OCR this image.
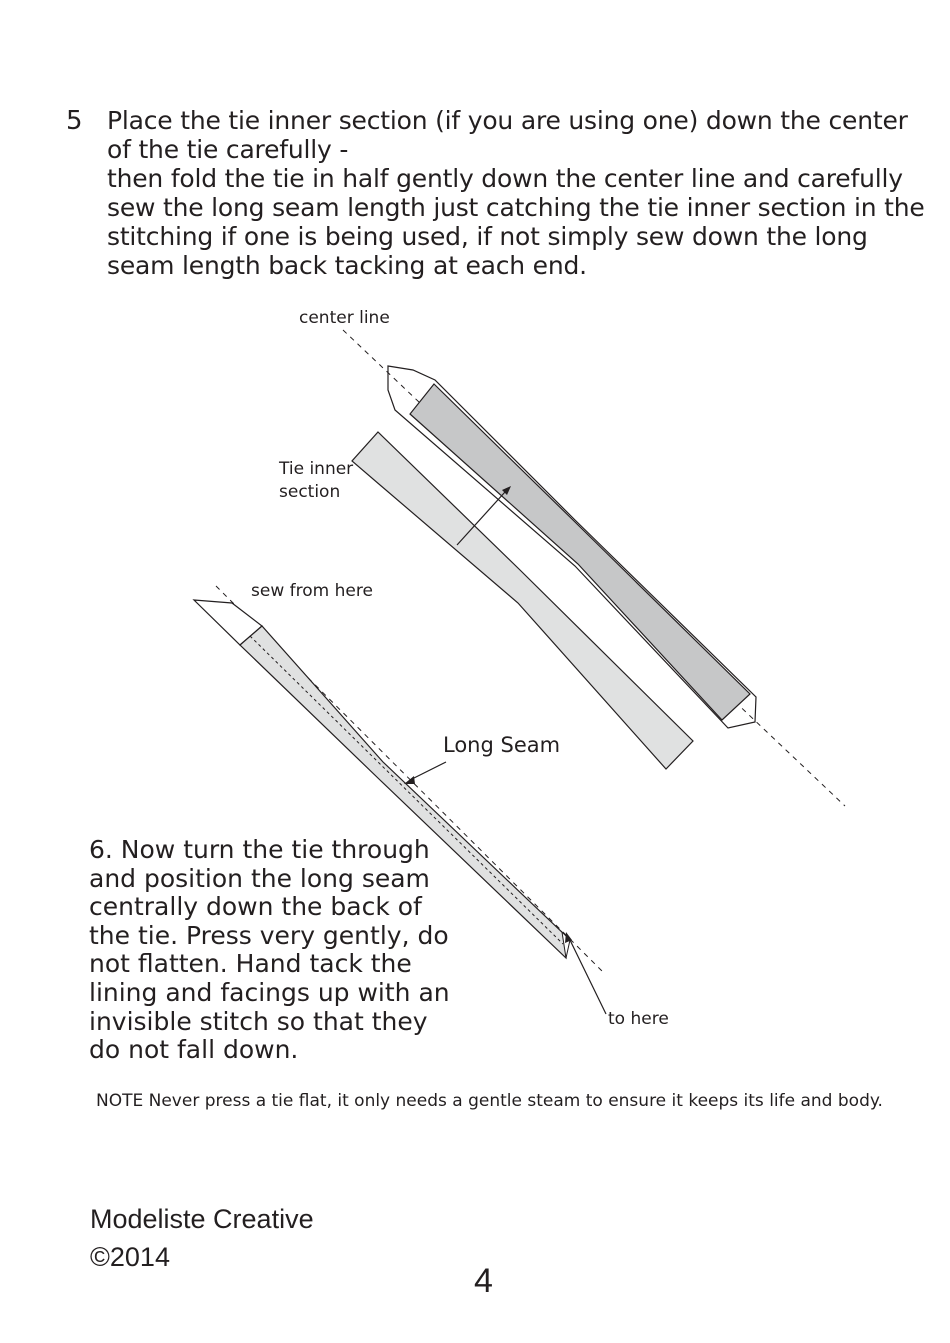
5 Place the tie inner section (if you are using one) down the center of the tie carefully -

then fold the tie in half gently down the center line and carefully sew the long seam length just catching the tie inner section in the stitching if one is being used, if not simply sew down the long seam length back tacking at each end.

center line
Tie inner
section
sew from here
Long Seam
to here
6. Now turn the tie through and position the long seam centrally down the back of the tie. Press very gently, do not flatten. Hand tack the lining and facings up with an invisible stitch so that they do not fall down.
NOTE Never press a tie flat, it only needs a gentle steam to ensure it keeps its life and body.
Modeliste Creative
©2014
4
